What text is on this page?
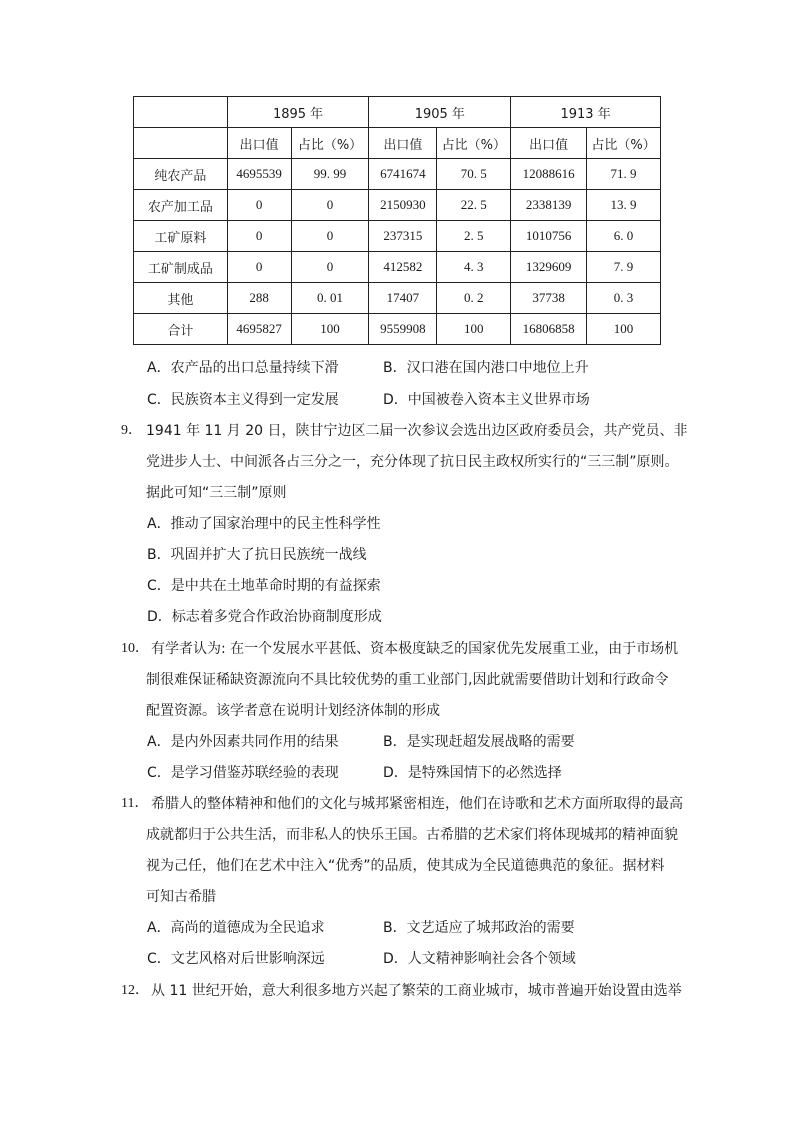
	1895 年		1905 年		1913 年	
	出口值	占比（%）	出口值	占比（%）	出口值	占比（%）
纯农产品	4695539	99. 99	6741674	70. 5	12088616	71. 9
农产加工品	0	0	2150930	22. 5	2338139	13. 9
工矿原料	0	0	237315	2. 5	1010756	6. 0
工矿制成品	0	0	412582	4. 3	1329609	7. 9
其他	288	0. 01	17407	0. 2	37738	0. 3
合计	4695827	100	9559908	100	16806858	100
A．农产品的出口总量持续下滑	B．汉口港在国内港口中地位上升
C．民族资本主义得到一定发展	D．中国被卷入资本主义世界市场
9． 1941 年 11 月 20 日，陕甘宁边区二届一次参议会选出边区政府委员会，共产党员、非
党进步人士、中间派各占三分之一，充分体现了抗日民主政权所实行的“三三制”原则。
据此可知“三三制”原则
A．推动了国家治理中的民主性科学性
B．巩固并扩大了抗日民族统一战线
C．是中共在土地革命时期的有益探索
D．标志着多党合作政治协商制度形成
10． 有学者认为: 在一个发展水平甚低、资本极度缺乏的国家优先发展重工业，由于市场机
制很难保证稀缺资源流向不具比较优势的重工业部门,因此就需要借助计划和行政命令
配置资源。该学者意在说明计划经济体制的形成
A．是内外因素共同作用的结果	B．是实现赶超发展战略的需要
C．是学习借鉴苏联经验的表现	D．是特殊国情下的必然选择
11． 希腊人的整体精神和他们的文化与城邦紧密相连，他们在诗歌和艺术方面所取得的最高
成就都归于公共生活，而非私人的快乐王国。古希腊的艺术家们将体现城邦的精神面貌
视为己任，他们在艺术中注入“优秀”的品质，使其成为全民道德典范的象征。据材料
可知古希腊
A．高尚的道德成为全民追求	B．文艺适应了城邦政治的需要
C．文艺风格对后世影响深远	D．人文精神影响社会各个领域
12． 从 11 世纪开始，意大利很多地方兴起了繁荣的工商业城市，城市普遍开始设置由选举
